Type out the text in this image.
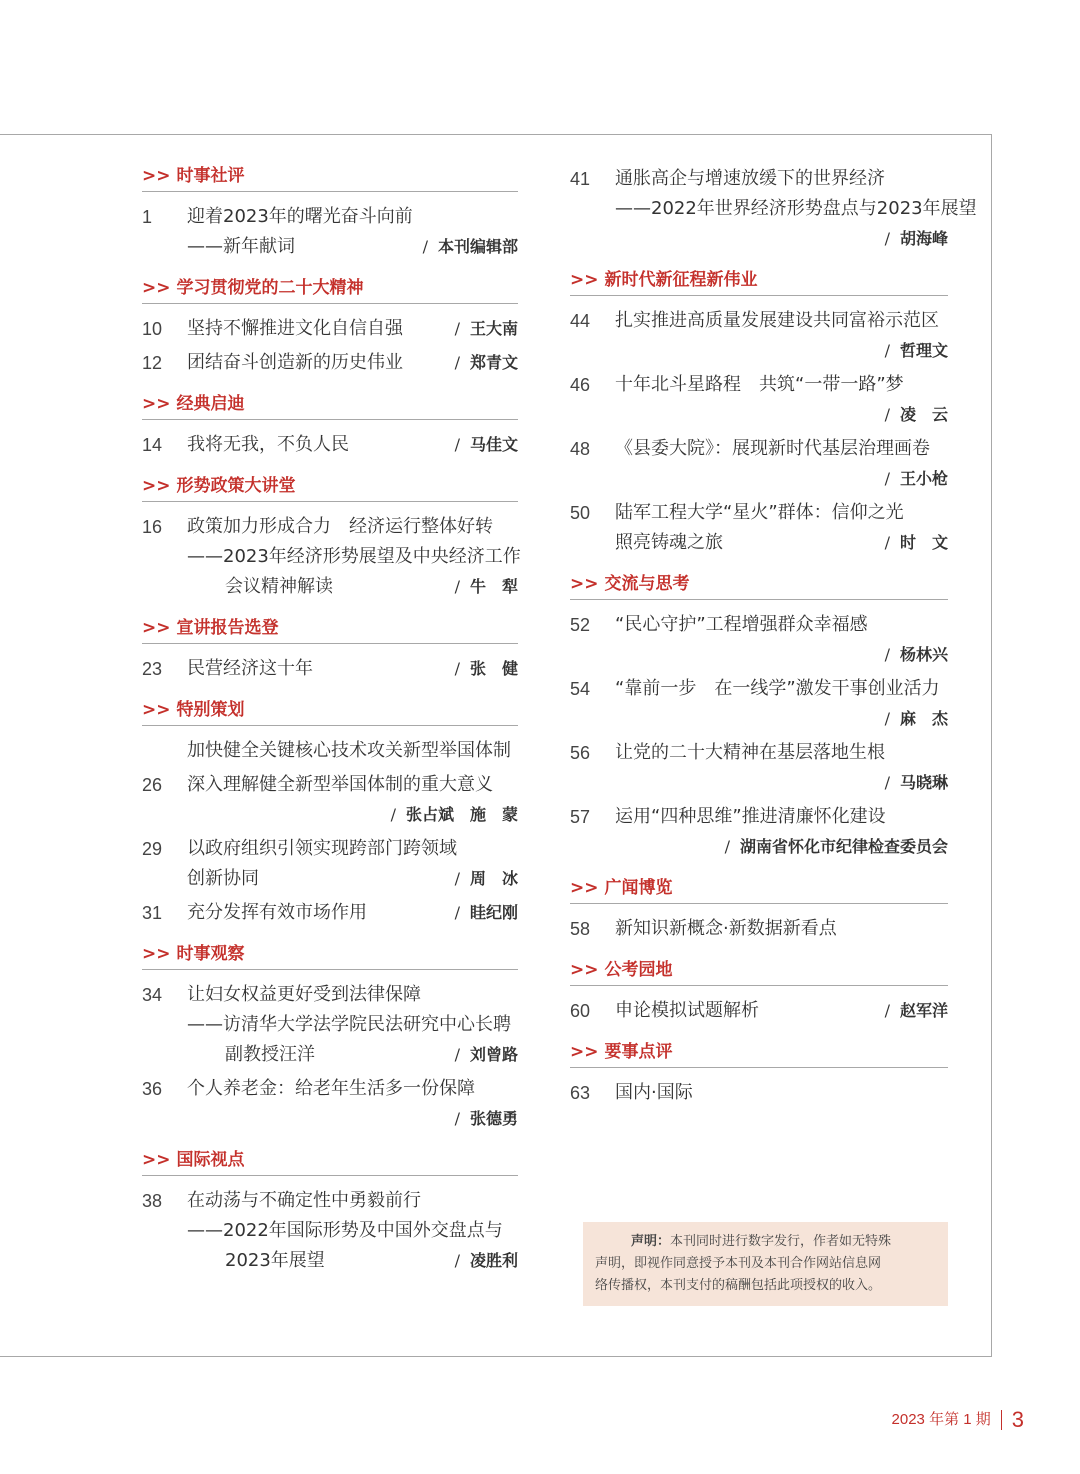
>> 时事社评
1	迎着2023年的曙光奋斗向前
——新年献词	/ 本刊编辑部
>> 学习贯彻党的二十大精神
10	坚持不懈推进文化自信自强	/ 王大南
12	团结奋斗创造新的历史伟业	/ 郑青文
>> 经典启迪
14	我将无我，不负人民	/ 马佳文
>> 形势政策大讲堂
16	政策加力形成合力　经济运行整体好转
——2023年经济形势展望及中央经济工作
会议精神解读	/ 牛　犁
>> 宣讲报告选登
23	民营经济这十年	/ 张　健
>> 特别策划
加快健全关键核心技术攻关新型举国体制
26	深入理解健全新型举国体制的重大意义
/ 张占斌　施　蒙
29	以政府组织引领实现跨部门跨领域
创新协同	/ 周　冰
31	充分发挥有效市场作用	/ 眭纪刚
>> 时事观察
34	让妇女权益更好受到法律保障
——访清华大学法学院民法研究中心长聘
副教授汪洋	/ 刘曾路
36	个人养老金：给老年生活多一份保障
/ 张德勇
>> 国际视点
38	在动荡与不确定性中勇毅前行
——2022年国际形势及中国外交盘点与
2023年展望	/ 凌胜利
41	通胀高企与增速放缓下的世界经济
——2022年世界经济形势盘点与2023年展望
/ 胡海峰
>> 新时代新征程新伟业
44	扎实推进高质量发展建设共同富裕示范区
/ 哲理文
46	十年北斗星路程　共筑“一带一路”梦
/ 凌　云
48	《县委大院》：展现新时代基层治理画卷
/ 王小枪
50	陆军工程大学“星火”群体：信仰之光
照亮铸魂之旅	/ 时　文
>> 交流与思考
52	“民心守护”工程增强群众幸福感
/ 杨林兴
54	“靠前一步　在一线学”激发干事创业活力
/ 麻　杰
56	让党的二十大精神在基层落地生根
/ 马晓琳
57	运用“四种思维”推进清廉怀化建设
/ 湖南省怀化市纪律检查委员会
>> 广闻博览
58	新知识新概念·新数据新看点
>> 公考园地
60	申论模拟试题解析	/ 赵军洋
>> 要事点评
63	国内·国际
声明：本刊同时进行数字发行，作者如无特殊
声明，即视作同意授予本刊及本刊合作网站信息网
络传播权，本刊支付的稿酬包括此项授权的收入。
2023 年第 1 期 3
